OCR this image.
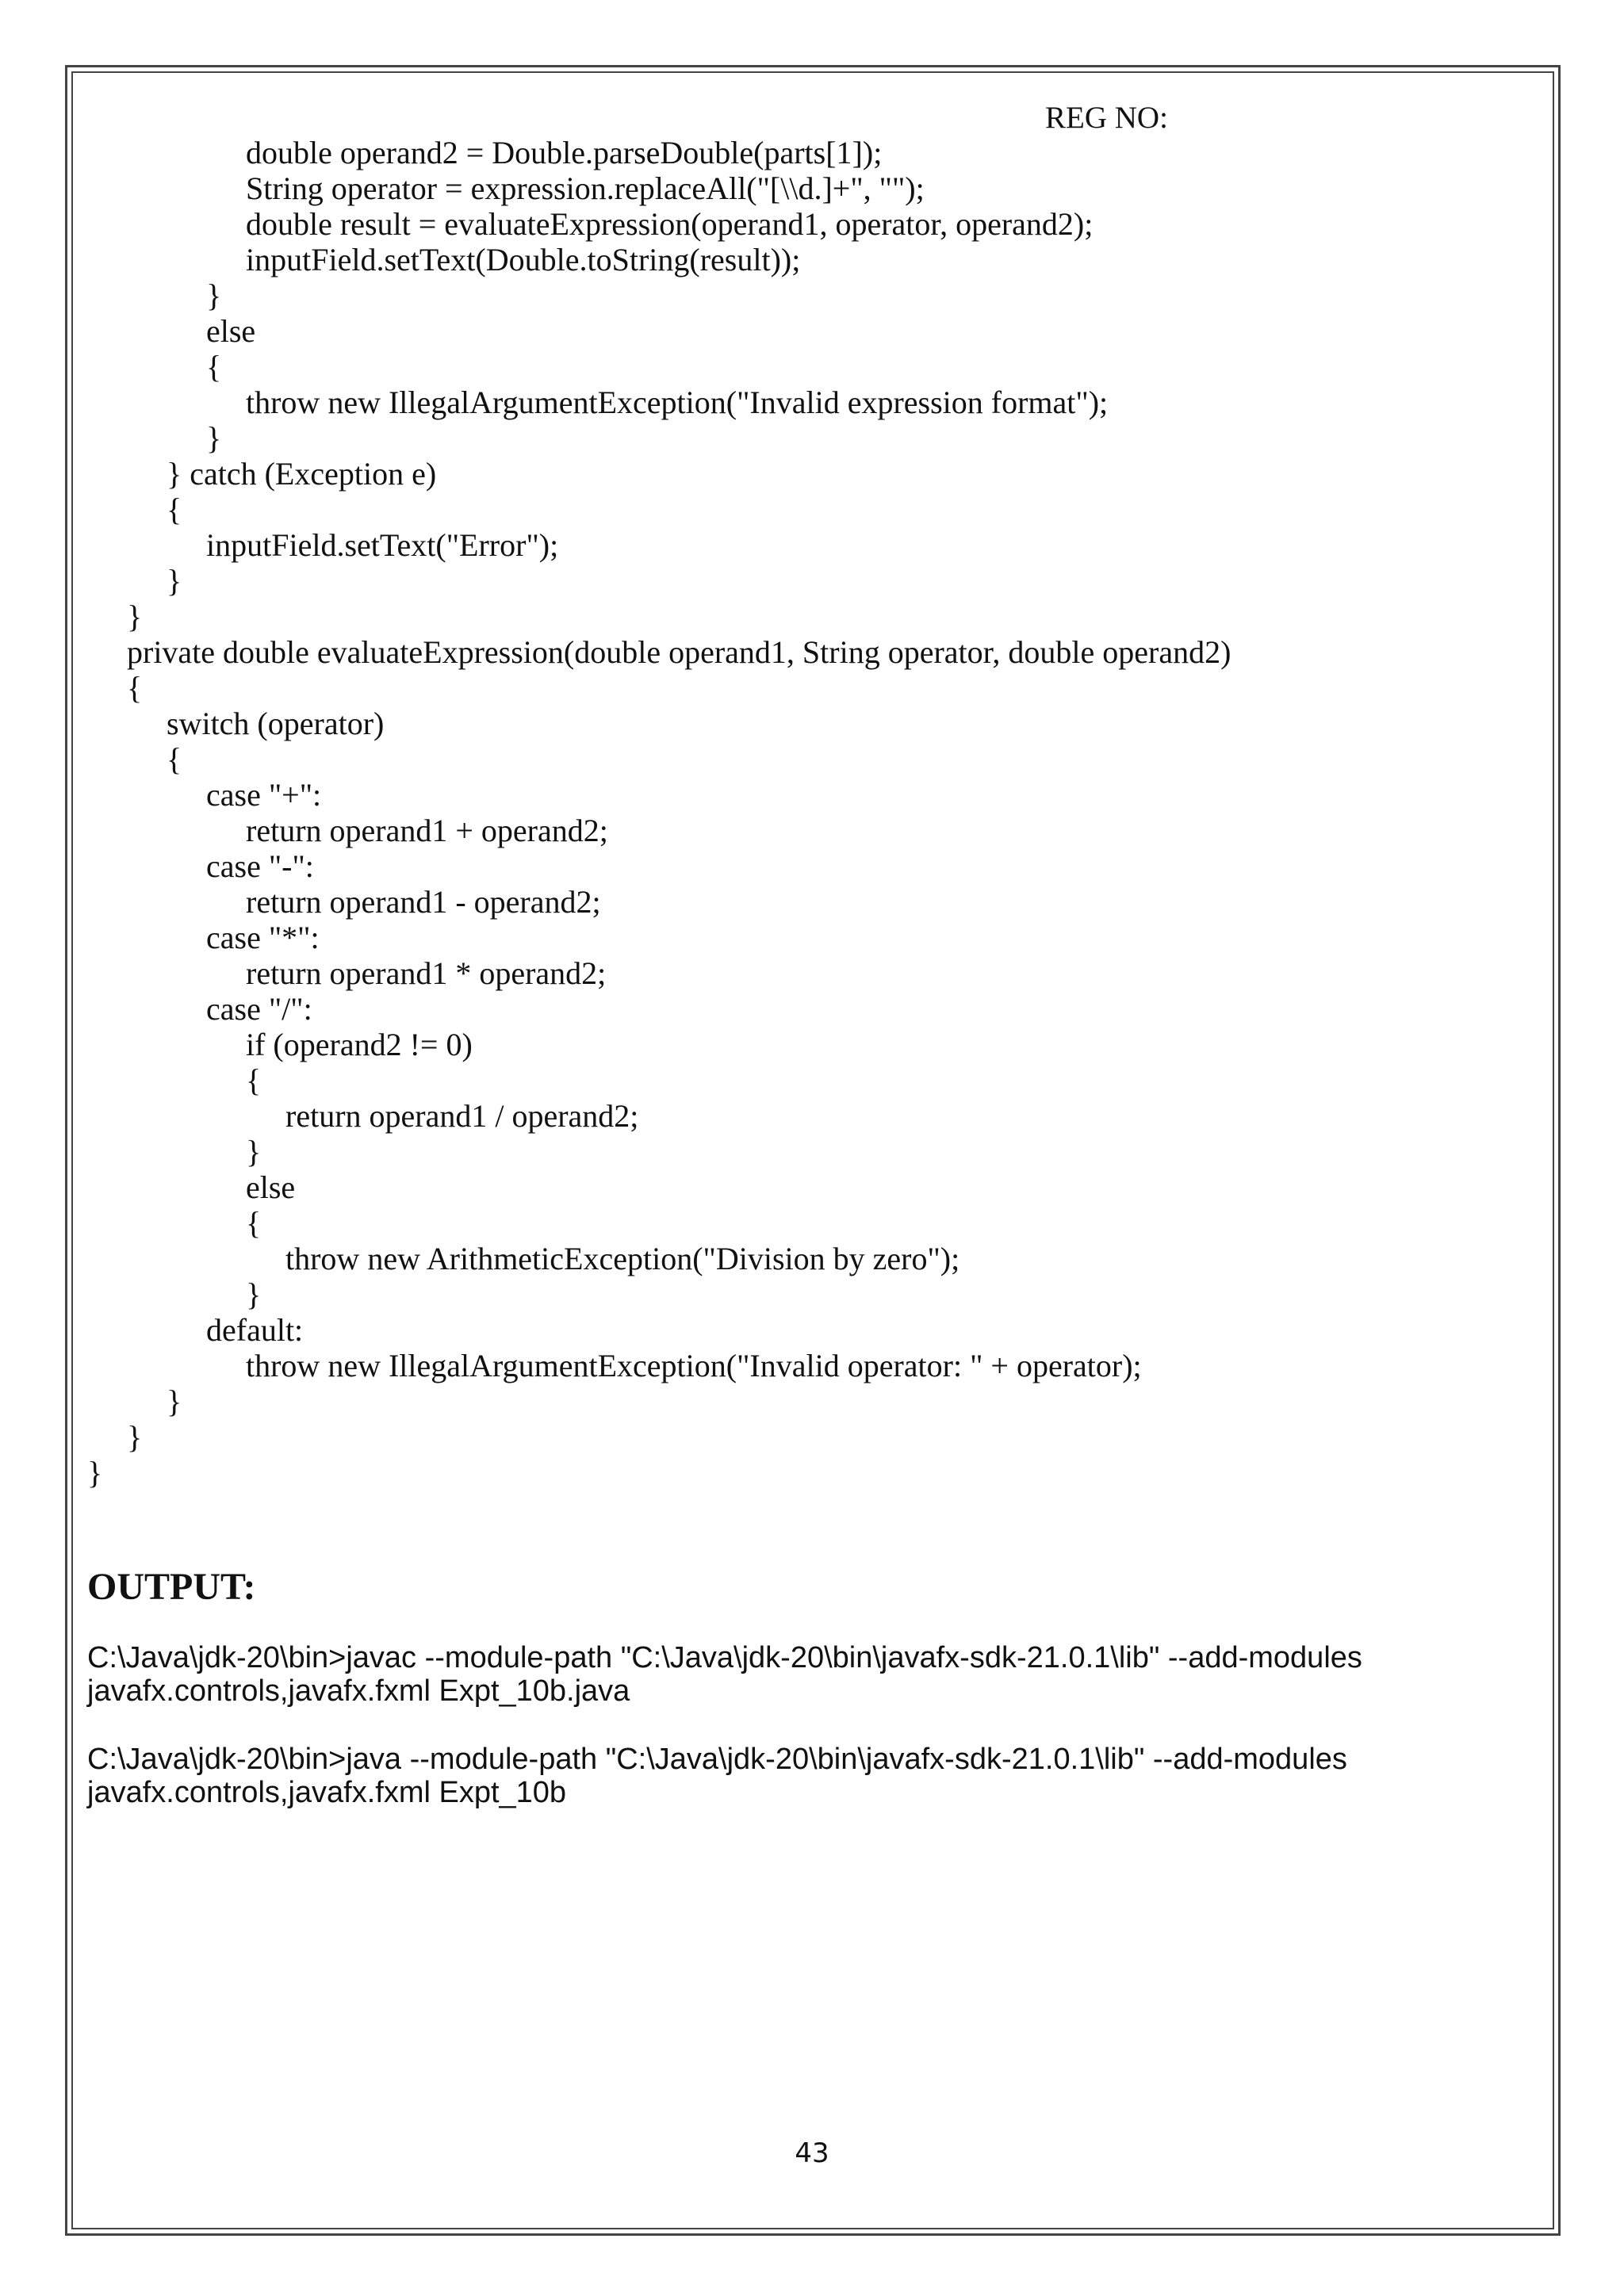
REG NO:
double operand2 = Double.parseDouble(parts[1]);
String operator = expression.replaceAll("[\\d.]+", "");
double result = evaluateExpression(operand1, operator, operand2);
inputField.setText(Double.toString(result));
}
else
{
throw new IllegalArgumentException("Invalid expression format");
}
} catch (Exception e)
{
inputField.setText("Error");
}
}
private double evaluateExpression(double operand1, String operator, double operand2)
{
switch (operator)
{
case "+":
return operand1 + operand2;
case "-":
return operand1 - operand2;
case "*":
return operand1 * operand2;
case "/":
if (operand2 != 0)
{
return operand1 / operand2;
}
else
{
throw new ArithmeticException("Division by zero");
}
default:
throw new IllegalArgumentException("Invalid operator: " + operator);
}
}
}
OUTPUT:
C:\Java\jdk-20\bin>javac --module-path "C:\Java\jdk-20\bin\javafx-sdk-21.0.1\lib" --add-modules
javafx.controls,javafx.fxml Expt_10b.java
C:\Java\jdk-20\bin>java --module-path "C:\Java\jdk-20\bin\javafx-sdk-21.0.1\lib" --add-modules
javafx.controls,javafx.fxml Expt_10b
43
